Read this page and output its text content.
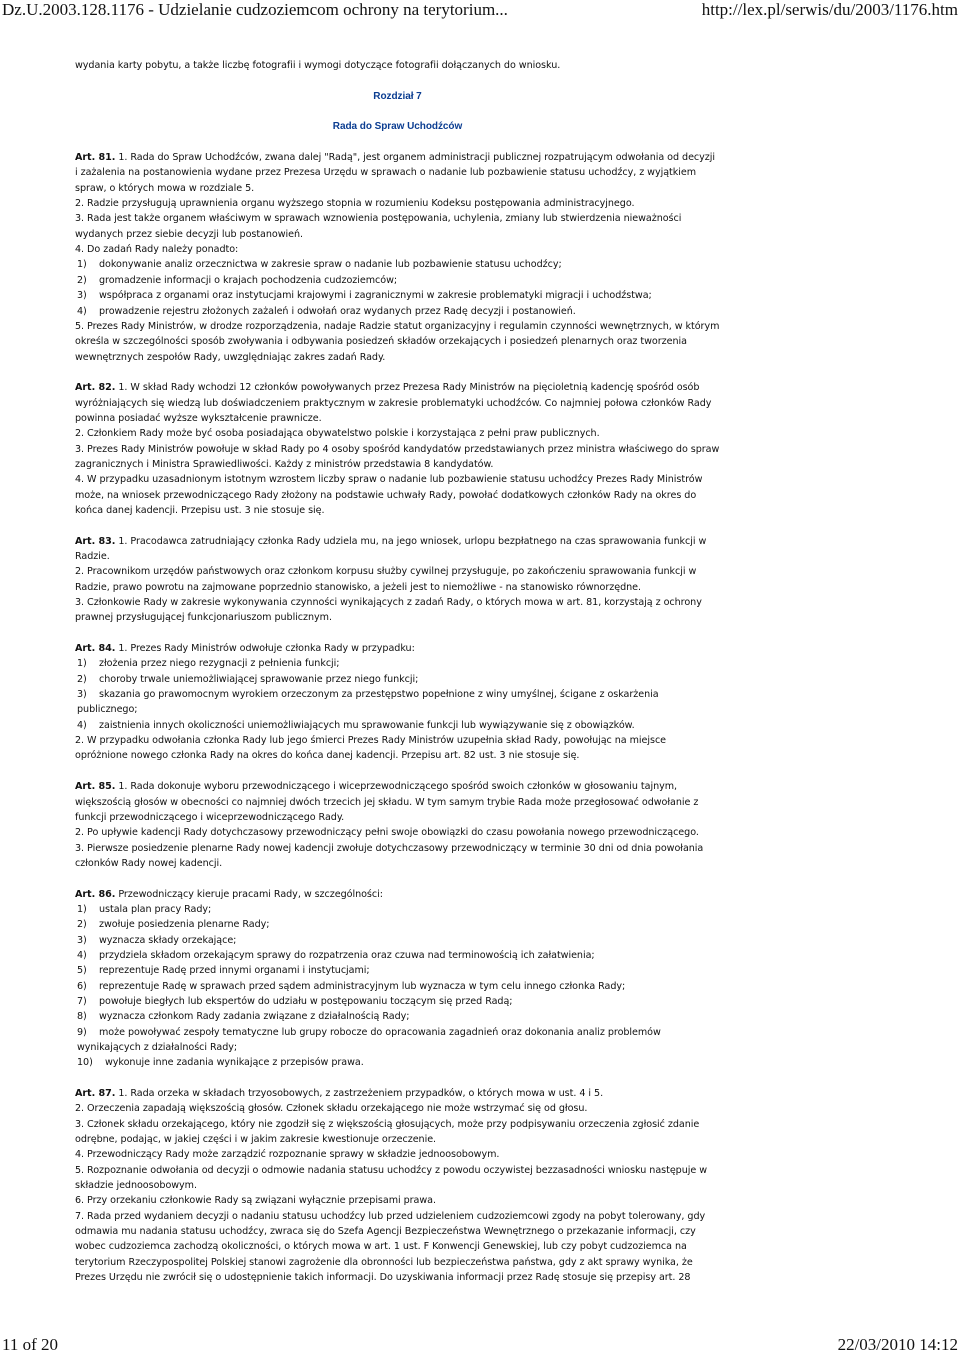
Dz.U.2003.128.1176 - Udzielanie cudzoziemcom ochrony na terytorium...	http://lex.pl/serwis/du/2003/1176.htm

wydania karty pobytu, a także liczbę fotografii i wymogi dotyczące fotografii dołączanych do wniosku.

Rozdział 7

Rada do Spraw Uchodźców

Art. 81. 1. Rada do Spraw Uchodźców, zwana dalej "Radą", jest organem administracji publicznej rozpatrującym odwołania od decyzji i zażalenia na postanowienia wydane przez Prezesa Urzędu w sprawach o nadanie lub pozbawienie statusu uchodźcy, z wyjątkiem spraw, o których mowa w rozdziale 5.

2. Radzie przysługują uprawnienia organu wyższego stopnia w rozumieniu Kodeksu postępowania administracyjnego.

3. Rada jest także organem właściwym w sprawach wznowienia postępowania, uchylenia, zmiany lub stwierdzenia nieważności wydanych przez siebie decyzji lub postanowień.

4. Do zadań Rady należy ponadto:

1) dokonywanie analiz orzecznictwa w zakresie spraw o nadanie lub pozbawienie statusu uchodźcy;

2) gromadzenie informacji o krajach pochodzenia cudzoziemców;

3) współpraca z organami oraz instytucjami krajowymi i zagranicznymi w zakresie problematyki migracji i uchodźstwa;

4) prowadzenie rejestru złożonych zażaleń i odwołań oraz wydanych przez Radę decyzji i postanowień.

5. Prezes Rady Ministrów, w drodze rozporządzenia, nadaje Radzie statut organizacyjny i regulamin czynności wewnętrznych, w którym określa w szczególności sposób zwoływania i odbywania posiedzeń składów orzekających i posiedzeń plenarnych oraz tworzenia wewnętrznych zespołów Rady, uwzględniając zakres zadań Rady.

Art. 82. 1. W skład Rady wchodzi 12 członków powoływanych przez Prezesa Rady Ministrów na pięcioletnią kadencję spośród osób wyróżniających się wiedzą lub doświadczeniem praktycznym w zakresie problematyki uchodźców. Co najmniej połowa członków Rady powinna posiadać wyższe wykształcenie prawnicze.

2. Członkiem Rady może być osoba posiadająca obywatelstwo polskie i korzystająca z pełni praw publicznych.

3. Prezes Rady Ministrów powołuje w skład Rady po 4 osoby spośród kandydatów przedstawianych przez ministra właściwego do spraw zagranicznych i Ministra Sprawiedliwości. Każdy z ministrów przedstawia 8 kandydatów.

4. W przypadku uzasadnionym istotnym wzrostem liczby spraw o nadanie lub pozbawienie statusu uchodźcy Prezes Rady Ministrów może, na wniosek przewodniczącego Rady złożony na podstawie uchwały Rady, powołać dodatkowych członków Rady na okres do końca danej kadencji. Przepisu ust. 3 nie stosuje się.

Art. 83. 1. Pracodawca zatrudniający członka Rady udziela mu, na jego wniosek, urlopu bezpłatnego na czas sprawowania funkcji w Radzie.

2. Pracownikom urzędów państwowych oraz członkom korpusu służby cywilnej przysługuje, po zakończeniu sprawowania funkcji w Radzie, prawo powrotu na zajmowane poprzednio stanowisko, a jeżeli jest to niemożliwe - na stanowisko równorzędne.

3. Członkowie Rady w zakresie wykonywania czynności wynikających z zadań Rady, o których mowa w art. 81, korzystają z ochrony prawnej przysługującej funkcjonariuszom publicznym.

Art. 84. 1. Prezes Rady Ministrów odwołuje członka Rady w przypadku:

1) złożenia przez niego rezygnacji z pełnienia funkcji;

2) choroby trwale uniemożliwiającej sprawowanie przez niego funkcji;

3) skazania go prawomocnym wyrokiem orzeczonym za przestępstwo popełnione z winy umyślnej, ścigane z oskarżenia publicznego;

4) zaistnienia innych okoliczności uniemożliwiających mu sprawowanie funkcji lub wywiązywanie się z obowiązków.

2. W przypadku odwołania członka Rady lub jego śmierci Prezes Rady Ministrów uzupełnia skład Rady, powołując na miejsce opróżnione nowego członka Rady na okres do końca danej kadencji. Przepisu art. 82 ust. 3 nie stosuje się.

Art. 85. 1. Rada dokonuje wyboru przewodniczącego i wiceprzewodniczącego spośród swoich członków w głosowaniu tajnym, większością głosów w obecności co najmniej dwóch trzecich jej składu. W tym samym trybie Rada może przegłosować odwołanie z funkcji przewodniczącego i wiceprzewodniczącego Rady.

2. Po upływie kadencji Rady dotychczasowy przewodniczący pełni swoje obowiązki do czasu powołania nowego przewodniczącego.

3. Pierwsze posiedzenie plenarne Rady nowej kadencji zwołuje dotychczasowy przewodniczący w terminie 30 dni od dnia powołania członków Rady nowej kadencji.

Art. 86. Przewodniczący kieruje pracami Rady, w szczególności:

1) ustala plan pracy Rady;

2) zwołuje posiedzenia plenarne Rady;

3) wyznacza składy orzekające;

4) przydziela składom orzekającym sprawy do rozpatrzenia oraz czuwa nad terminowością ich załatwienia;

5) reprezentuje Radę przed innymi organami i instytucjami;

6) reprezentuje Radę w sprawach przed sądem administracyjnym lub wyznacza w tym celu innego członka Rady;

7) powołuje biegłych lub ekspertów do udziału w postępowaniu toczącym się przed Radą;

8) wyznacza członkom Rady zadania związane z działalnością Rady;

9) może powoływać zespoły tematyczne lub grupy robocze do opracowania zagadnień oraz dokonania analiz problemów wynikających z działalności Rady;

10) wykonuje inne zadania wynikające z przepisów prawa.

Art. 87. 1. Rada orzeka w składach trzyosobowych, z zastrzeżeniem przypadków, o których mowa w ust. 4 i 5.

2. Orzeczenia zapadają większością głosów. Członek składu orzekającego nie może wstrzymać się od głosu.

3. Członek składu orzekającego, który nie zgodził się z większością głosujących, może przy podpisywaniu orzeczenia zgłosić zdanie odrębne, podając, w jakiej części i w jakim zakresie kwestionuje orzeczenie.

4. Przewodniczący Rady może zarządzić rozpoznanie sprawy w składzie jednoosobowym.

5. Rozpoznanie odwołania od decyzji o odmowie nadania statusu uchodźcy z powodu oczywistej bezzasadności wniosku następuje w składzie jednoosobowym.

6. Przy orzekaniu członkowie Rady są związani wyłącznie przepisami prawa.

7. Rada przed wydaniem decyzji o nadaniu statusu uchodźcy lub przed udzieleniem cudzoziemcowi zgody na pobyt tolerowany, gdy odmawia mu nadania statusu uchodźcy, zwraca się do Szefa Agencji Bezpieczeństwa Wewnętrznego o przekazanie informacji, czy wobec cudzoziemca zachodzą okoliczności, o których mowa w art. 1 ust. F Konwencji Genewskiej, lub czy pobyt cudzoziemca na terytorium Rzeczypospolitej Polskiej stanowi zagrożenie dla obronności lub bezpieczeństwa państwa, gdy z akt sprawy wynika, że Prezes Urzędu nie zwrócił się o udostępnienie takich informacji. Do uzyskiwania informacji przez Radę stosuje się przepisy art. 28

11 of 20	22/03/2010 14:12
